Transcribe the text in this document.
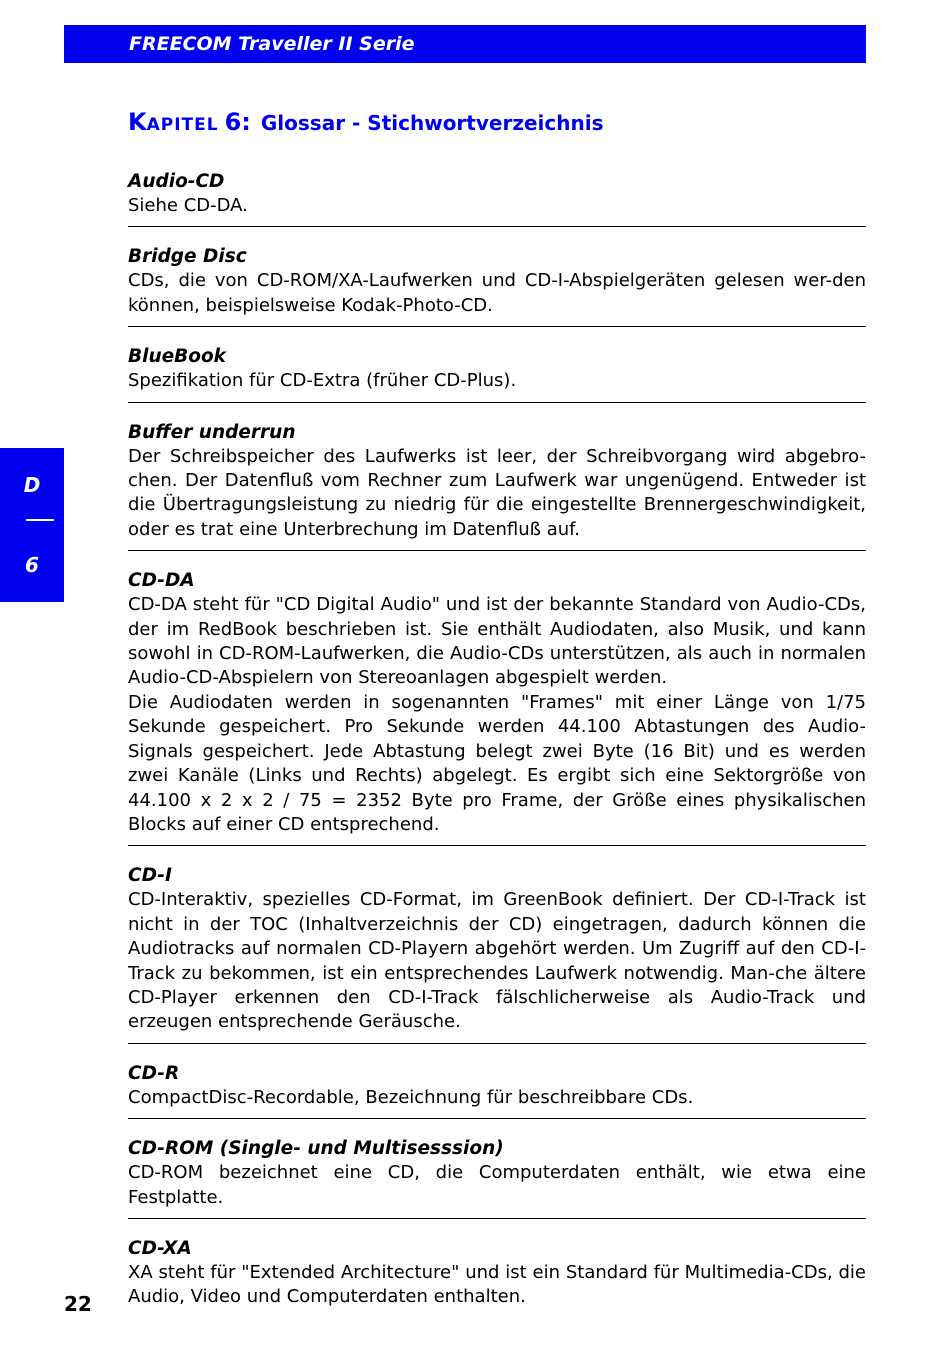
FREECOM Traveller II Serie
KAPITEL 6: Glossar - Stichwortverzeichnis
Audio-CD
Siehe CD-DA.
Bridge Disc
CDs, die von CD-ROM/XA-Laufwerken und CD-I-Abspielgeräten gelesen wer-den können, beispielsweise Kodak-Photo-CD.
BlueBook
Spezifikation für CD-Extra (früher CD-Plus).
Buffer underrun
Der Schreibspeicher des Laufwerks ist leer, der Schreibvorgang wird abgebro-chen. Der Datenfluß vom Rechner zum Laufwerk war ungenügend. Entweder ist die Übertragungsleistung zu niedrig für die eingestellte Brennergeschwindigkeit, oder es trat eine Unterbrechung im Datenfluß auf.
CD-DA
CD-DA steht für "CD Digital Audio" und ist der bekannte Standard von Audio-CDs, der im RedBook beschrieben ist. Sie enthält Audiodaten, also Musik, und kann sowohl in CD-ROM-Laufwerken, die Audio-CDs unterstützen, als auch in normalen Audio-CD-Abspielern von Stereoanlagen abgespielt werden.
Die Audiodaten werden in sogenannten "Frames" mit einer Länge von 1/75 Sekunde gespeichert. Pro Sekunde werden 44.100 Abtastungen des Audio-Signals gespeichert. Jede Abtastung belegt zwei Byte (16 Bit) und es werden zwei Kanäle (Links und Rechts) abgelegt. Es ergibt sich eine Sektorgröße von 44.100 x 2 x 2 / 75 = 2352 Byte pro Frame, der Größe eines physikalischen Blocks auf einer CD entsprechend.
CD-I
CD-Interaktiv, spezielles CD-Format, im GreenBook definiert. Der CD-I-Track ist nicht in der TOC (Inhaltverzeichnis der CD) eingetragen, dadurch können die Audiotracks auf normalen CD-Playern abgehört werden. Um Zugriff auf den CD-I-Track zu bekommen, ist ein entsprechendes Laufwerk notwendig. Man-che ältere CD-Player erkennen den CD-I-Track fälschlicherweise als Audio-Track und erzeugen entsprechende Geräusche.
CD-R
CompactDisc-Recordable, Bezeichnung für beschreibbare CDs.
CD-ROM (Single- und Multisesssion)
CD-ROM bezeichnet eine CD, die Computerdaten enthält, wie etwa eine Festplatte.
CD-XA
XA steht für "Extended Architecture" und ist ein Standard für Multimedia-CDs, die Audio, Video und Computerdaten enthalten.
D
6
22
